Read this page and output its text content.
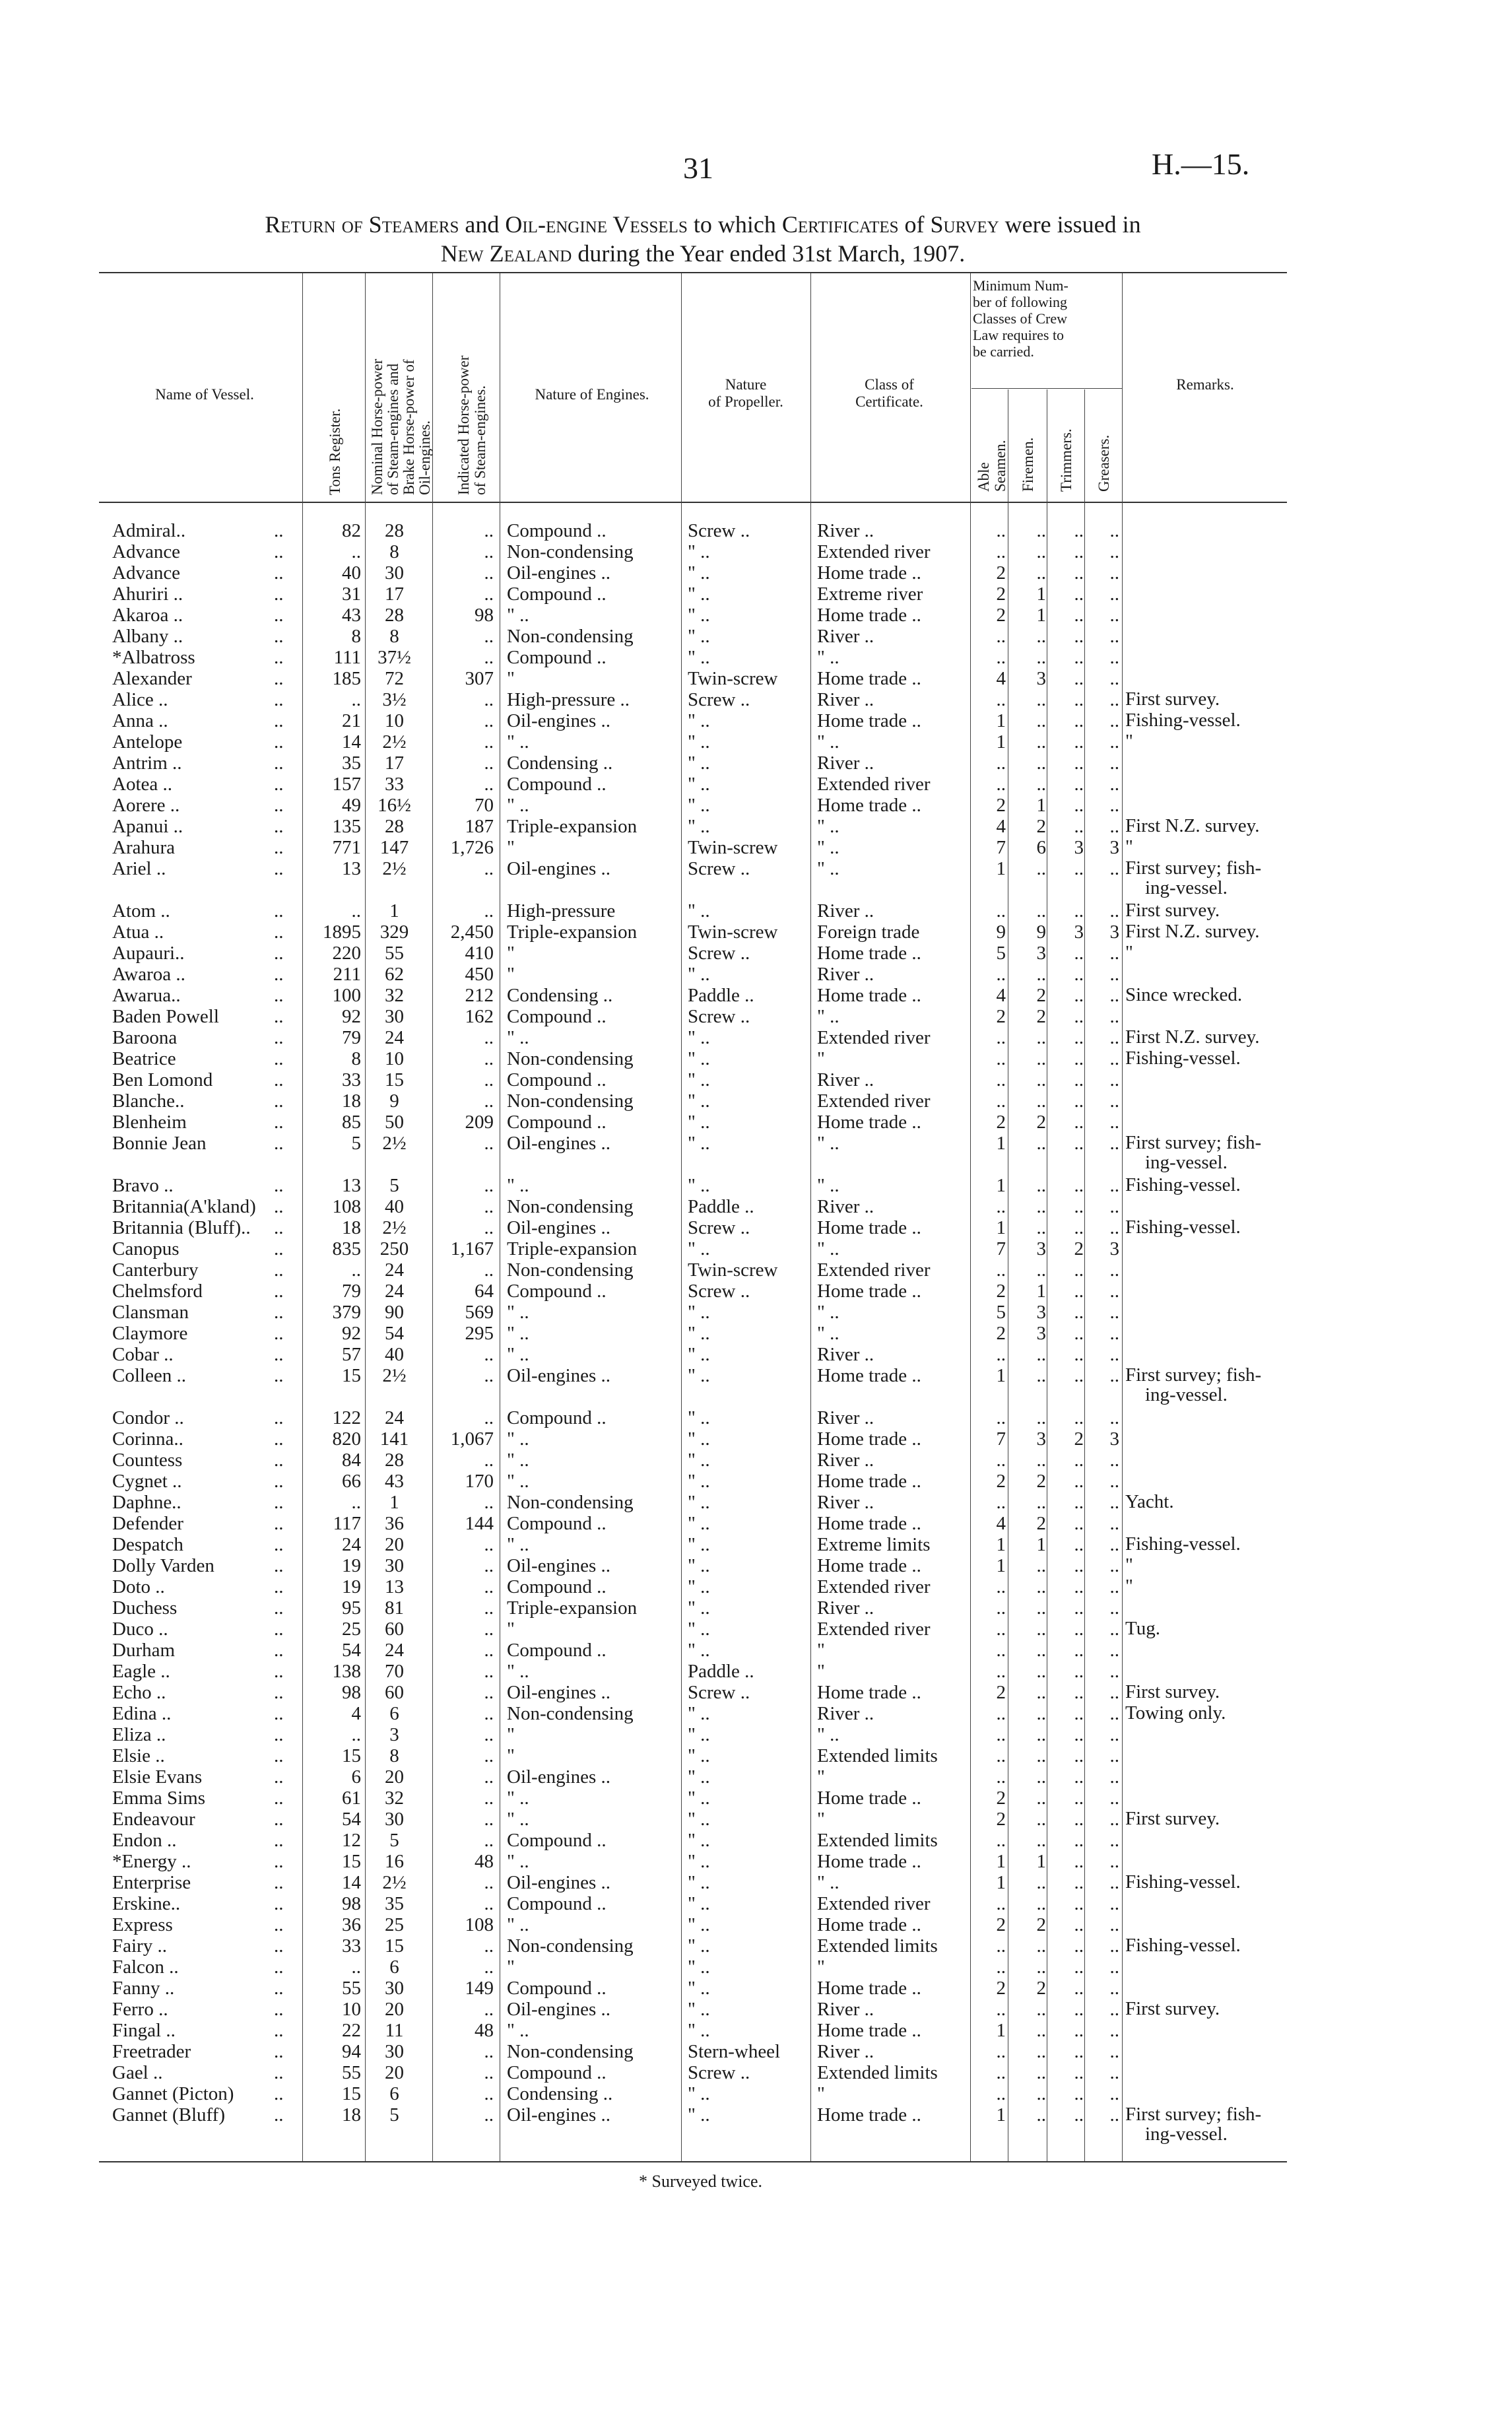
31	H.—15.
Return of Steamers and Oil-engine Vessels to which Certificates of Survey were issued in
New Zealand during the Year ended 31st March, 1907.
Name of Vessel.
Tons Register. Nominal Horse-power of Steam-engines and Brake Horse-power of Oil-engines. Indicated Horse-power of Steam-engines.	Nature of Engines.
Nature
of Propeller.
Class of
Certificate.
Minimum Num-
ber of following
Classes of Crew
Law requires to
be carried.
Able Seamen. Firemen. Trimmers. Greasers.
Remarks.
Admiral..	82	28	.. Compound ..	Screw ..	River ..	..	..	..	..
..
Advance	..	8	.. Non-condensing	" ..	Extended river	..	..	..	..
..
Advance	40	30	.. Oil-engines ..	" ..	Home trade ..	2	..	..	..
..
Ahuriri ..	31	17	.. Compound ..	" ..	Extreme river	2	1	..	..
..
Akaroa ..	43	28	98 " ..	" ..	Home trade ..	2	1	..	..
..
Albany ..	8	8	.. Non-condensing	" ..	River ..	..	..	..	..
..
*Albatross	111 37½	.. Compound ..	" ..	" ..	..	..	..	..
..
Alexander	185	72	307 "	Twin-screw Home trade ..	4	3	..	..
..
Alice ..	..	3½	.. High-pressure ..	Screw ..	River ..	..	..	..	.. First survey.
..
Anna ..	21	10	.. Oil-engines ..	" ..	Home trade ..	1	..	..	.. Fishing-vessel.
..
Antelope	14	2½	.. " ..	" ..	" ..	1	..	..	.. "
..
Antrim ..	35	17	.. Condensing ..	" ..	River ..	..	..	..	..
..
Aotea ..	157	33	.. Compound ..	" ..	Extended river	..	..	..	..
..
Aorere ..	49 16½	70 " ..	" ..	Home trade ..	2	1	..	..
..
Apanui ..	135	28	187 Triple-expansion	" ..	" ..	4	2	..	.. First N.Z. survey.
..
Arahura	771 147	1,726 "	Twin-screw " ..	7	6	3	3 "
..
Ariel ..	13	2½	.. Oil-engines ..	Screw ..	" ..	1	..	..	.. First survey; fish-
ing-vessel.
..
Atom ..	..	1	.. High-pressure	" ..	River ..	..	..	..	.. First survey.
..
Atua ..	1895 329	2,450 Triple-expansion	Twin-screw Foreign trade	9	9	3	3 First N.Z. survey.
..
Aupauri..	220	55	410 "	Screw ..	Home trade ..	5	3	..	.. "
..
Awaroa ..	211	62	450 "	" ..	River ..	..	..	..	..
..
Awarua..	100	32	212 Condensing ..	Paddle ..	Home trade ..	4	2	..	.. Since wrecked.
..
Baden Powell	92	30	162 Compound ..	Screw ..	" ..	2	2	..	..
..
Baroona	79	24	.. " ..	" ..	Extended river	..	..	..	.. First N.Z. survey.
..
Beatrice	8	10	.. Non-condensing	" ..	"	..	..	..	.. Fishing-vessel.
..
Ben Lomond	33	15	.. Compound ..	" ..	River ..	..	..	..	..
..
Blanche..	18	9	.. Non-condensing	" ..	Extended river	..	..	..	..
..
Blenheim	85	50	209 Compound ..	" ..	Home trade ..	2	2	..	..
..
Bonnie Jean	5	2½	.. Oil-engines ..	" ..	" ..	1	..	..	.. First survey; fish-
ing-vessel.
..
Bravo ..	13	5	.. " ..	" ..	" ..	1	..	..	.. Fishing-vessel.
..
Britannia(A'kland)	108	40	.. Non-condensing	Paddle ..	River ..	..	..	..	..
..
Britannia (Bluff)..	18	2½	.. Oil-engines ..	Screw ..	Home trade ..	1	..	..	.. Fishing-vessel.
..
Canopus	835 250	1,167 Triple-expansion	" ..	" ..	7	3	2	3
..
Canterbury	..	24	.. Non-condensing	Twin-screw Extended river	..	..	..	..
..
Chelmsford	79	24	64 Compound ..	Screw ..	Home trade ..	2	1	..	..
..
Clansman	379	90	569 " ..	" ..	" ..	5	3	..	..
..
Claymore	92	54	295 " ..	" ..	" ..	2	3	..	..
..
Cobar ..	57	40	.. " ..	" ..	River ..	..	..	..	..
..
Colleen ..	15	2½	.. Oil-engines ..	" ..	Home trade ..	1	..	..	.. First survey; fish-
ing-vessel.
..
Condor ..	122	24	.. Compound ..	" ..	River ..	..	..	..	..
..
Corinna..	820 141	1,067 " ..	" ..	Home trade ..	7	3	2	3
..
Countess	84	28	.. " ..	" ..	River ..	..	..	..	..
..
Cygnet ..	66	43	170 " ..	" ..	Home trade ..	2	2	..	..
..
Daphne..	..	1	.. Non-condensing	" ..	River ..	..	..	..	.. Yacht.
..
Defender	117	36	144 Compound ..	" ..	Home trade ..	4	2	..	..
..
Despatch	24	20	.. " ..	" ..	Extreme limits	1	1	..	.. Fishing-vessel.
..
Dolly Varden	19	30	.. Oil-engines ..	" ..	Home trade ..	1	..	..	.. "
..
Doto ..	19	13	.. Compound ..	" ..	Extended river	..	..	..	.. "
..
Duchess	95	81	.. Triple-expansion	" ..	River ..	..	..	..	..
..
Duco ..	25	60	.. "	" ..	Extended river	..	..	..	.. Tug.
..
Durham	54	24	.. Compound ..	" ..	"	..	..	..	..
..
Eagle ..	138	70	.. " ..	Paddle ..	"	..	..	..	..
..
Echo ..	98	60	.. Oil-engines ..	Screw ..	Home trade ..	2	..	..	.. First survey.
..
Edina ..	4	6	.. Non-condensing	" ..	River ..	..	..	..	.. Towing only.
..
Eliza ..	..	3	.. "	" ..	" ..	..	..	..	..
..
Elsie ..	15	8	.. "	" ..	Extended limits	..	..	..	..
..
Elsie Evans	6	20	.. Oil-engines ..	" ..	"	..	..	..	..
..
Emma Sims	61	32	.. " ..	" ..	Home trade ..	2	..	..	..
..
Endeavour	54	30	.. " ..	" ..	"	2	..	..	.. First survey.
..
Endon ..	12	5	.. Compound ..	" ..	Extended limits	..	..	..	..
..
*Energy ..	15	16	48 " ..	" ..	Home trade ..	1	1	..	..
..
Enterprise	14	2½	.. Oil-engines ..	" ..	" ..	1	..	..	.. Fishing-vessel.
..
Erskine..	98	35	.. Compound ..	" ..	Extended river	..	..	..	..
..
Express	36	25	108 " ..	" ..	Home trade ..	2	2	..	..
..
Fairy ..	33	15	.. Non-condensing	" ..	Extended limits	..	..	..	.. Fishing-vessel.
..
Falcon ..	..	6	.. "	" ..	"	..	..	..	..
..
Fanny ..	55	30	149 Compound ..	" ..	Home trade ..	2	2	..	..
..
Ferro ..	10	20	.. Oil-engines ..	" ..	River ..	..	..	..	.. First survey.
..
Fingal ..	22	11	48 " ..	" ..	Home trade ..	1	..	..	..
..
Freetrader	94	30	.. Non-condensing	Stern-wheel River ..	..	..	..	..
..
Gael ..	55	20	.. Compound ..	Screw ..	Extended limits	..	..	..	..
..
Gannet (Picton)	15	6	.. Condensing ..	" ..	"	..	..	..	..
..
Gannet (Bluff)	18	5	.. Oil-engines ..	" ..	Home trade ..	1	..	..	.. First survey; fish-
ing-vessel.
..
* Surveyed twice.
